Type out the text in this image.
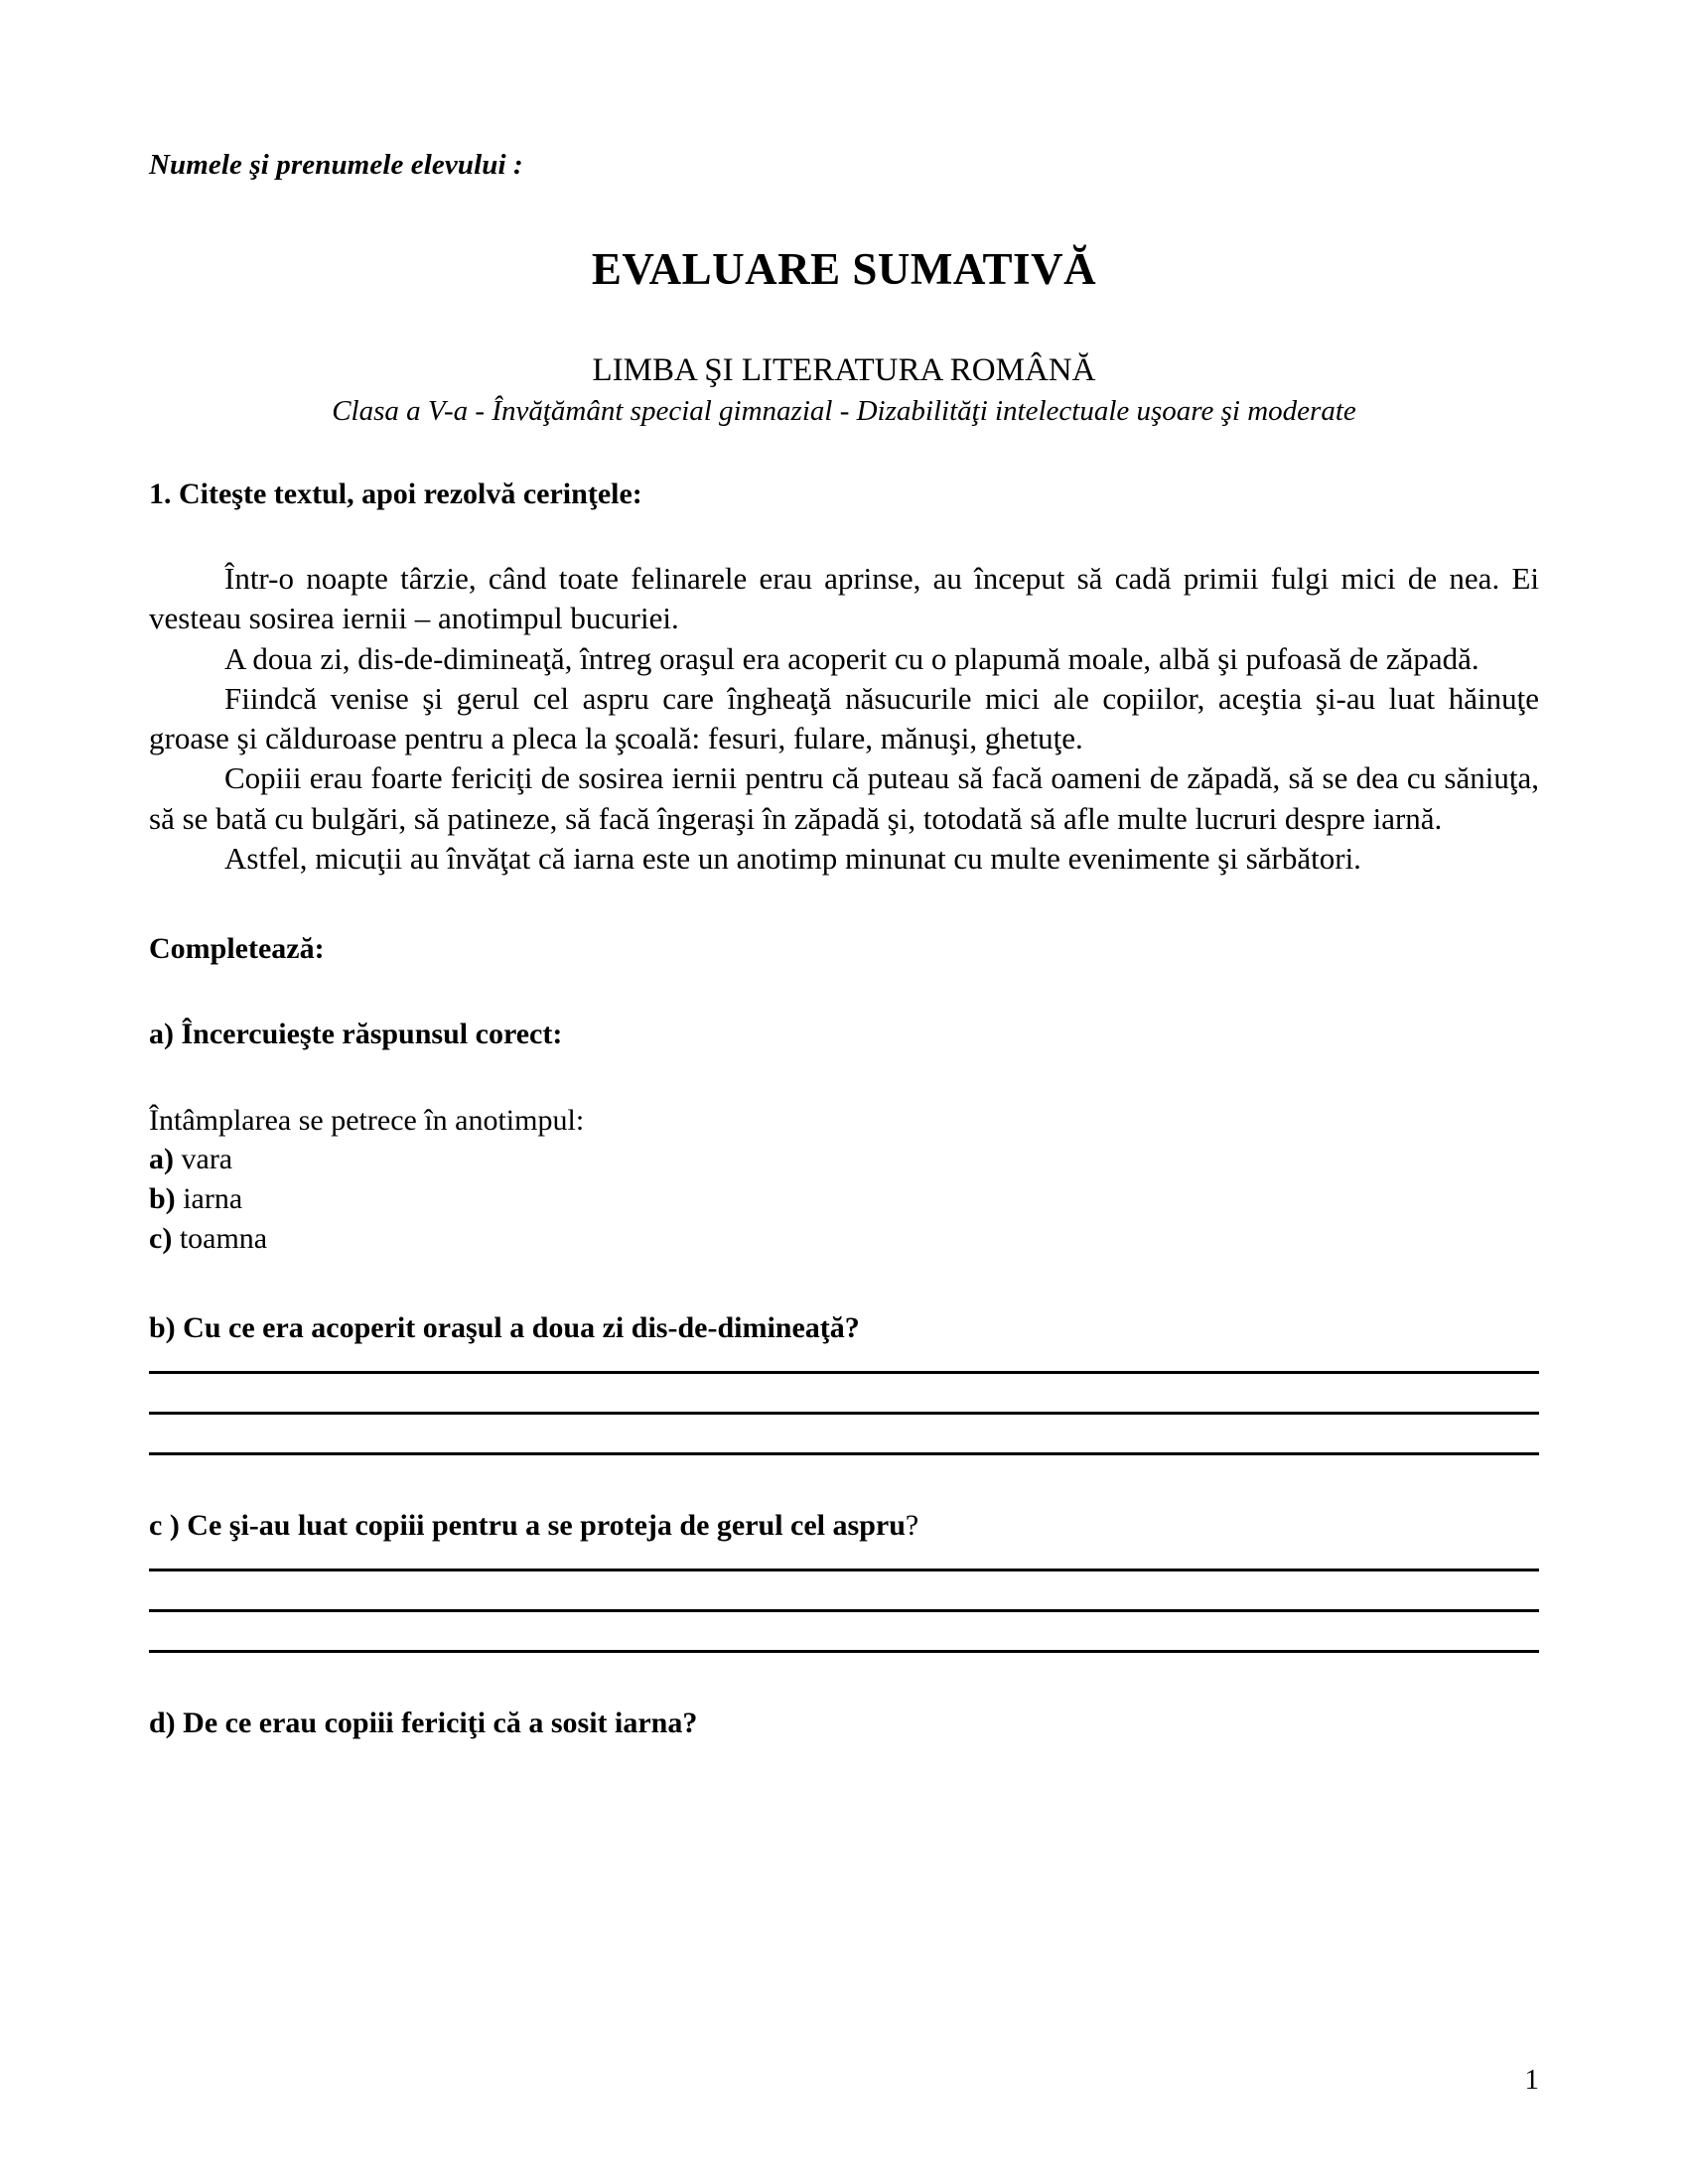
Numele şi prenumele elevului :
EVALUARE SUMATIVĂ
LIMBA ŞI LITERATURA ROMÂNĂ
Clasa a V-a - Învăţământ special gimnazial - Dizabilităţi intelectuale uşoare şi moderate
1. Citeşte textul, apoi rezolvă cerinţele:

Într-o noapte târzie, când toate felinarele erau aprinse, au început să cadă primii fulgi mici de nea. Ei vesteau sosirea iernii – anotimpul bucuriei.

A doua zi, dis-de-dimineaţă, întreg oraşul era acoperit cu o plapumă moale, albă şi pufoasă de zăpadă.

Fiindcă venise şi gerul cel aspru care îngheaţă năsucurile mici ale copiilor, aceştia şi-au luat hăinuţe groase şi călduroase pentru a pleca la şcoală: fesuri, fulare, mănuşi, ghetuţe.

Copiii erau foarte fericiţi de sosirea iernii pentru că puteau să facă oameni de zăpadă, să se dea cu săniuţa, să se bată cu bulgări, să patineze, să facă îngeraşi în zăpadă şi, totodată să afle multe lucruri despre iarnă.

Astfel, micuţii au învăţat că iarna este un anotimp minunat cu multe evenimente şi sărbători.

Completează:
a) Încercuieşte răspunsul corect:
Întâmplarea se petrece în anotimpul:
a) vara
b) iarna
c) toamna
b) Cu ce era acoperit oraşul a doua zi dis-de-dimineaţă?
c ) Ce şi-au luat copiii pentru a se proteja de gerul cel aspru?
d) De ce erau copiii fericiţi că a sosit iarna?
1
